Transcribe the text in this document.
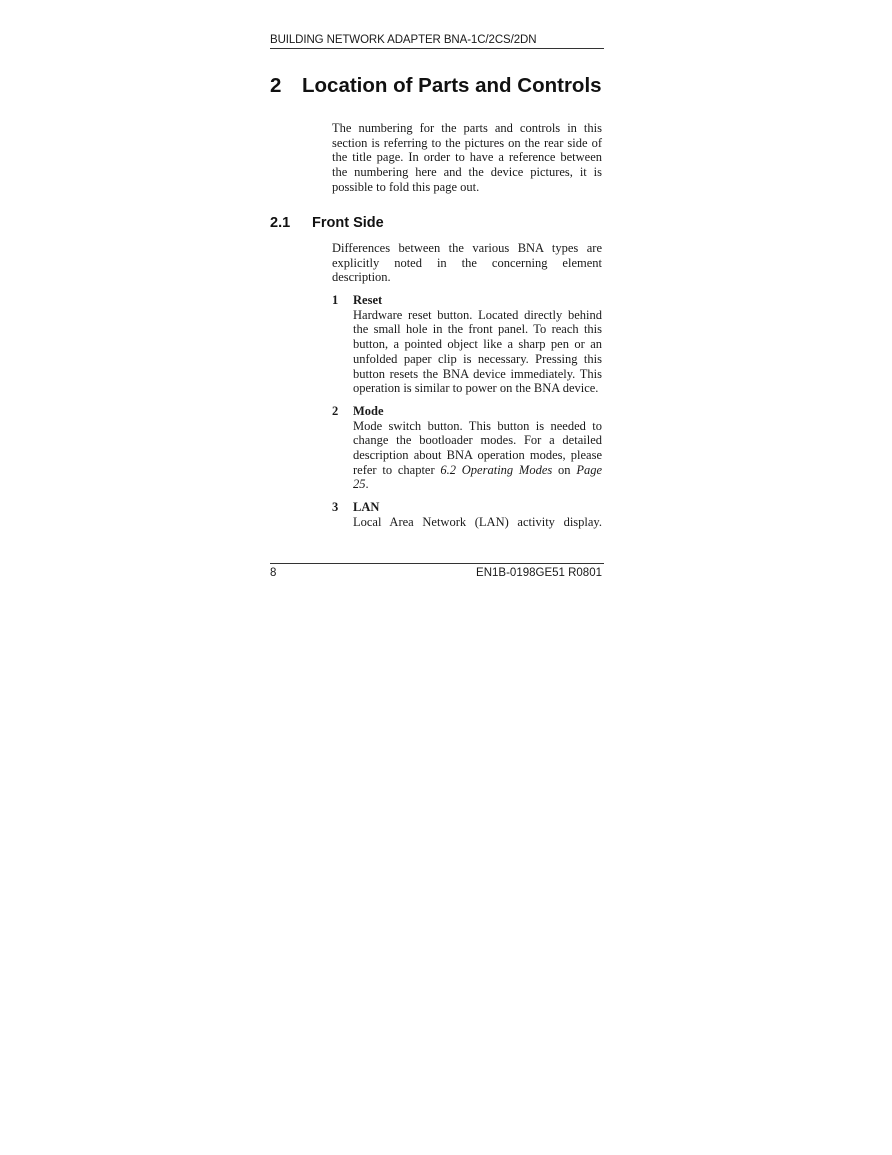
BUILDING NETWORK ADAPTER BNA-1C/2CS/2DN
2 Location of Parts and Controls
The numbering for the parts and controls in this section is referring to the pictures on the rear side of the title page. In order to have a reference between the numbering here and the device pictures, it is possible to fold this page out.
2.1 Front Side
Differences between the various BNA types are explicitly noted in the concerning element description.
1	Reset
Hardware reset button. Located directly behind the small hole in the front panel. To reach this button, a pointed object like a sharp pen or an unfolded paper clip is necessary. Pressing this button resets the BNA device immediately. This operation is similar to power on the BNA device.
2	Mode
Mode switch button. This button is needed to change the bootloader modes. For a detailed description about BNA operation modes, please refer to chapter 6.2 Operating Modes on Page 25.
3	LAN
Local Area Network (LAN) activity display.
8	EN1B-0198GE51 R0801
